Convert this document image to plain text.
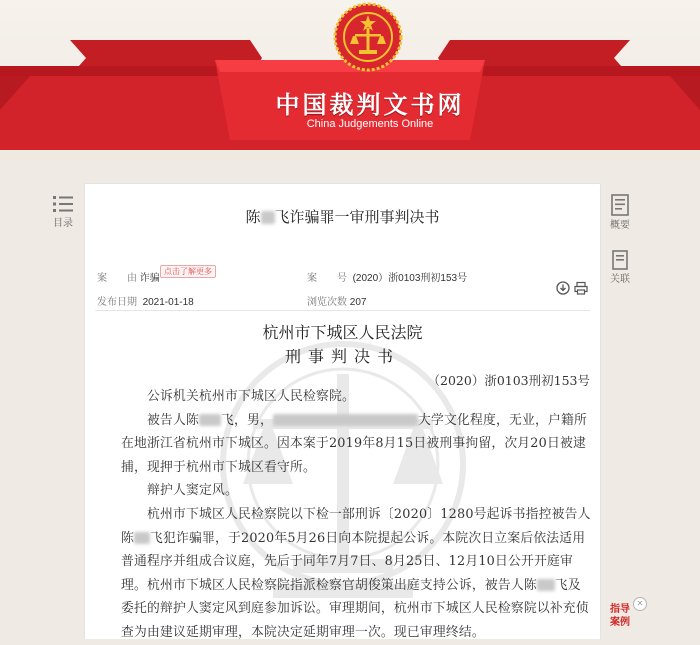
中国裁判文书网
China Judgements Online
目录	概要
关联
指导
案例
✕
陈 飞诈骗罪一审刑事判决书
案　　由 诈骗
点击了解更多
案　　号 (2020）浙0103刑初153号
发布日期 2021-01-18	浏览次数 207
杭州市下城区人民法院
刑事判决书
（2020）浙0103刑初153号

　　公诉机关杭州市下城区人民检察院。

　　被告人陈 飞，男，	大学文化程度，无业，户籍所在地浙江省杭州市下城区。因本案于2019年8月15日被刑事拘留，次月20日被逮捕，现押于杭州市下城区看守所。

　　辩护人窦定风。

　　杭州市下城区人民检察院以下检一部刑诉〔2020〕1280号起诉书指控被告人陈 飞犯诈骗罪，于2020年5月26日向本院提起公诉。本院次日立案后依法适用普通程序并组成合议庭，先后于同年7月7日、8月25日、12月10日公开开庭审理。杭州市下城区人民检察院指派检察官胡俊策出庭支持公诉，被告人陈 飞及委托的辩护人窦定风到庭参加诉讼。审理期间，杭州市下城区人民检察院以补充侦查为由建议延期审理，本院决定延期审理一次。现已审理终结。
